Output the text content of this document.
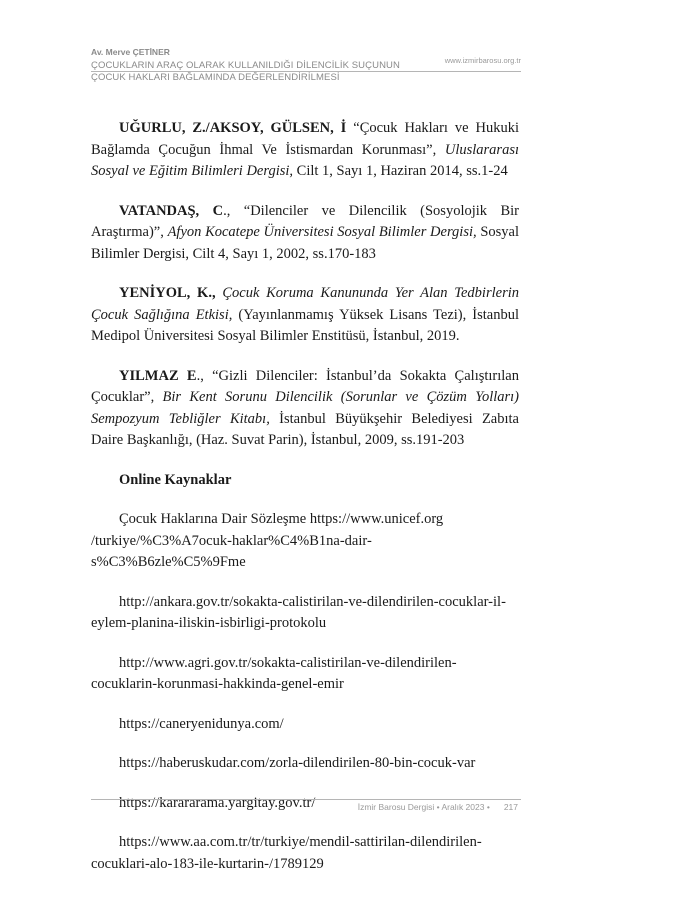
Av. Merve ÇETİNER

ÇOCUKLARIN ARAÇ OLARAK KULLANILDIĞI DİLENCİLİK SUÇUNUN

ÇOCUK HAKLARI BAĞLAMINDA DEĞERLENDİRİLMESİ

www.izmirbarosu.org.tr

UĞURLU, Z./AKSOY, GÜLSEN, İ “Çocuk Hakları ve Hukuki Bağlamda Çocuğun İhmal Ve İstismardan Korunması”, Uluslararası Sosyal ve Eğitim Bilimleri Dergisi, Cilt 1, Sayı 1, Haziran 2014, ss.1-24

VATANDAŞ, C., “Dilenciler ve Dilencilik (Sosyolojik Bir Araştırma)”, Afyon Kocatepe Üniversitesi Sosyal Bilimler Dergisi, Sosyal Bilimler Dergisi, Cilt 4, Sayı 1, 2002, ss.170-183

YENİYOL, K., Çocuk Koruma Kanununda Yer Alan Tedbirlerin Çocuk Sağlığına Etkisi, (Yayınlanmamış Yüksek Lisans Tezi), İstanbul Medipol Üniversitesi Sosyal Bilimler Enstitüsü, İstanbul, 2019.

YILMAZ E., “Gizli Dilenciler: İstanbul’da Sokakta Çalıştırılan Çocuklar”, Bir Kent Sorunu Dilencilik (Sorunlar ve Çözüm Yolları) Sempozyum Tebliğler Kitabı, İstanbul Büyükşehir Belediyesi Zabıta Daire Başkanlığı, (Haz. Suvat Parin), İstanbul, 2009, ss.191-203

Online Kaynaklar

Çocuk Haklarına Dair Sözleşme https://www.unicef.org /turkiye/%C3%A7ocuk-haklar%C4%B1na-dair-s%C3%B6zle%C5%9Fme

http://ankara.gov.tr/sokakta-calistirilan-ve-dilendirilen-cocuklar-il-eylem-planina-iliskin-isbirligi-protokolu

http://www.agri.gov.tr/sokakta-calistirilan-ve-dilendirilen-cocuklarin-korunmasi-hakkinda-genel-emir

https://caneryenidunya.com/

https://haberuskudar.com/zorla-dilendirilen-80-bin-cocuk-var

https://karararama.yargitay.gov.tr/

https://www.aa.com.tr/tr/turkiye/mendil-sattirilan-dilendirilen-cocuklari-alo-183-ile-kurtarin-/1789129

İzmir Barosu Dergisi • Aralık 2023 • 217
